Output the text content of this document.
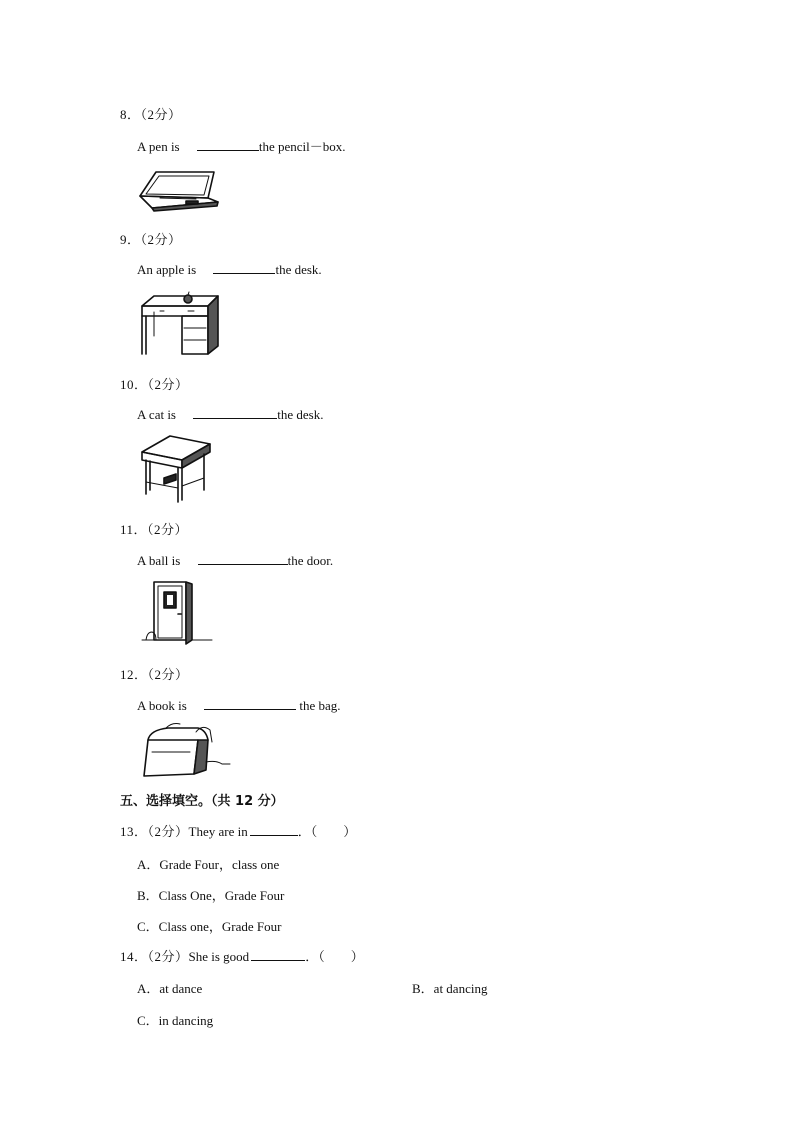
8．（2分）
A pen is	the pencil－box.
9．（2分）
An apple is	the desk.
10．（2分）
A cat is	the desk.
11．（2分）
A ball is	the door.
12．（2分）
A book is	the bag.
五、选择填空。（共 12 分）
13．（2分）They are in	．（　　）
A．Grade Four，class one
B．Class One，Grade Four
C．Class one，Grade Four
14．（2分）She is good	．（　　）
A．at dance	B．at dancing
C．in dancing
